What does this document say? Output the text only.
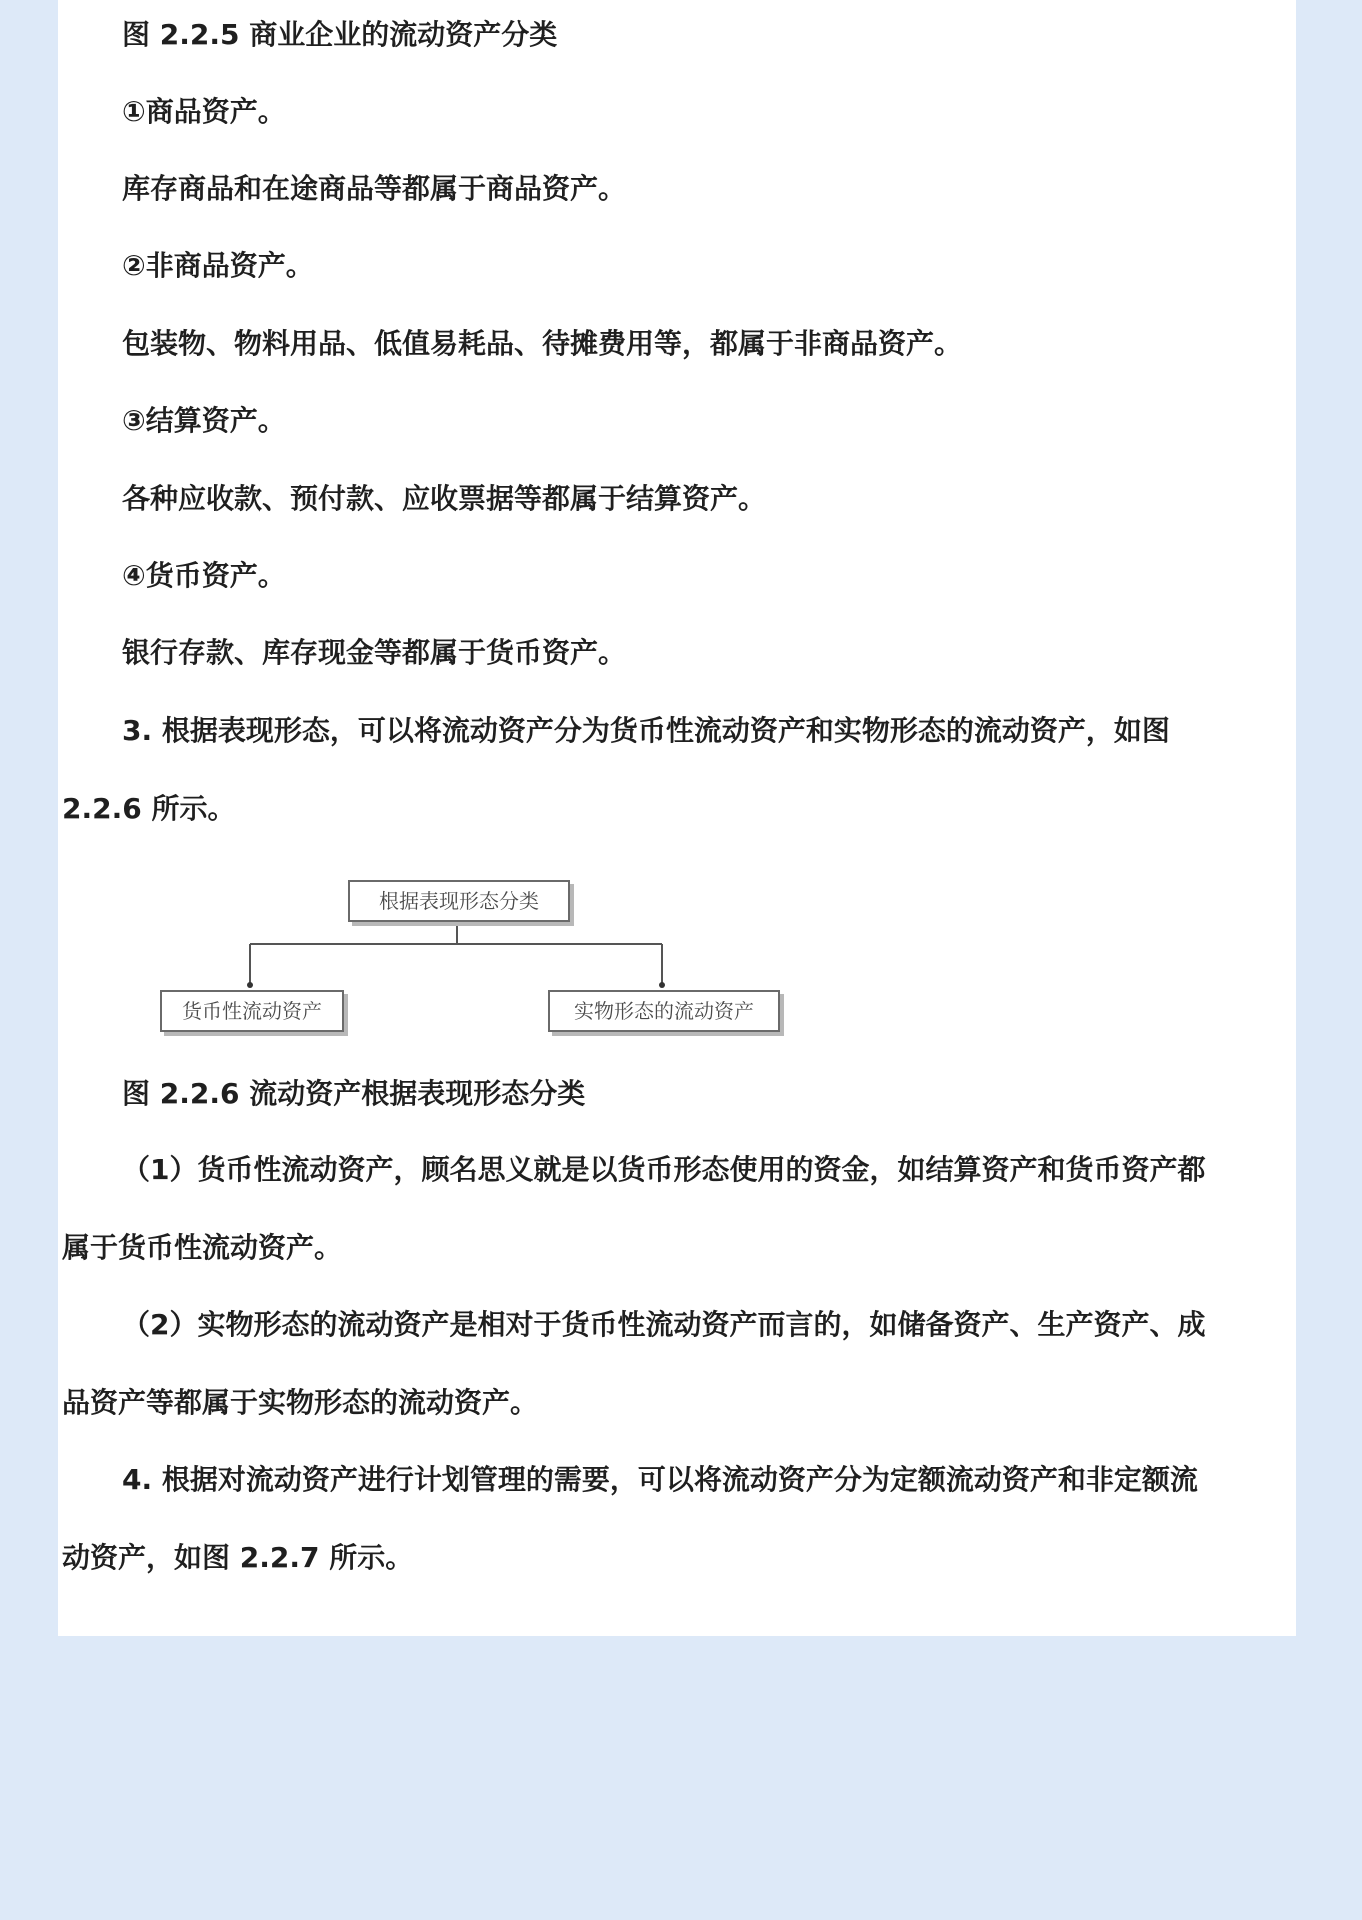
图 2.2.5 商业企业的流动资产分类
①商品资产。
库存商品和在途商品等都属于商品资产。
②非商品资产。
包装物、物料用品、低值易耗品、待摊费用等，都属于非商品资产。
③结算资产。
各种应收款、预付款、应收票据等都属于结算资产。
④货币资产。
银行存款、库存现金等都属于货币资产。
3. 根据表现形态，可以将流动资产分为货币性流动资产和实物形态的流动资产，如图
2.2.6 所示。
根据表现形态分类
货币性流动资产	实物形态的流动资产
图 2.2.6 流动资产根据表现形态分类
（1）货币性流动资产，顾名思义就是以货币形态使用的资金，如结算资产和货币资产都
属于货币性流动资产。
（2）实物形态的流动资产是相对于货币性流动资产而言的，如储备资产、生产资产、成
品资产等都属于实物形态的流动资产。
4. 根据对流动资产进行计划管理的需要，可以将流动资产分为定额流动资产和非定额流
动资产，如图 2.2.7 所示。
